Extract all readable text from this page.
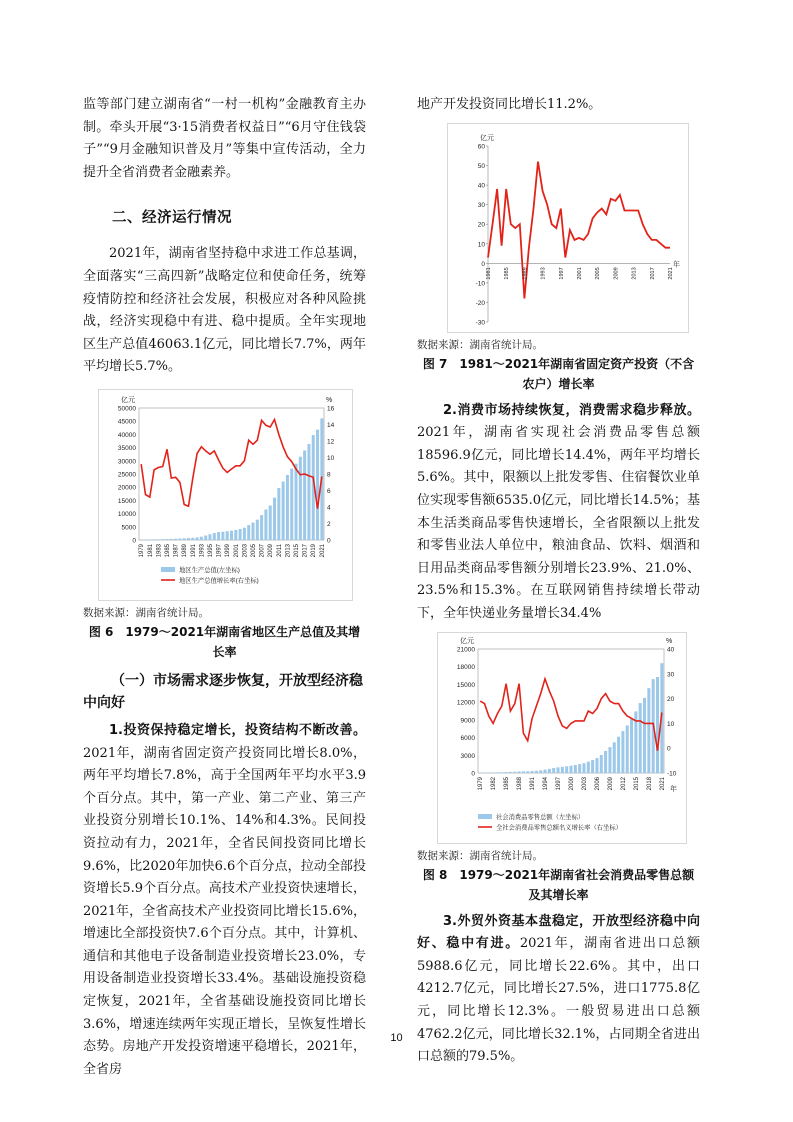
监等部门建立湖南省“一村一机构”金融教育主办制。牵头开展“3·15消费者权益日”“6月守住钱袋子”“9月金融知识普及月”等集中宣传活动，全力提升全省消费者金融素养。

二、经济运行情况

2021年，湖南省坚持稳中求进工作总基调，全面落实“三高四新”战略定位和使命任务，统筹疫情防控和经济社会发展，积极应对各种风险挑战，经济实现稳中有进、稳中提质。全年实现地区生产总值46063.1亿元，同比增长7.7%，两年平均增长5.7%。

0
5000
10000
15000
20000
25000
30000
35000
40000
45000
50000
0
2
4
6
8
10
12
14
16
亿元	%
1979 1981 1983 1985 1987 1989 1991 1993 1995 1997 1999 2001 2003 2005 2007 2009 2011 2013 2015 2017 2019 2021
地区生产总值(左坐标)
地区生产总值增长率(右坐标)
数据来源：湖南省统计局。
图 6　1979～2021年湖南省地区生产总值及其增长率
（一）市场需求逐步恢复，开放型经济稳中向好

1.投资保持稳定增长，投资结构不断改善。2021年，湖南省固定资产投资同比增长8.0%，两年平均增长7.8%，高于全国两年平均水平3.9个百分点。其中，第一产业、第二产业、第三产业投资分别增长10.1%、14%和4.3%。民间投资拉动有力，2021年，全省民间投资同比增长9.6%，比2020年加快6.6个百分点，拉动全部投资增长5.9个百分点。高技术产业投资快速增长，2021年，全省高技术产业投资同比增长15.6%，增速比全部投资快7.6个百分点。其中，计算机、通信和其他电子设备制造业投资增长23.0%，专用设备制造业投资增长33.4%。基础设施投资稳定恢复，2021年，全省基础设施投资同比增长3.6%，增速连续两年实现正增长，呈恢复性增长态势。房地产开发投资增速平稳增长，2021年，全省房

地产开发投资同比增长11.2%。

-30
-20
-10
0
10
20
30
40
50
60
亿元
1981 1985 1989 1993 1997 2001 2005 2009 2013 2017 2021
年
数据来源：湖南省统计局。
图 7　1981～2021年湖南省固定资产投资（不含农户）增长率

2.消费市场持续恢复，消费需求稳步释放。2021年，湖南省实现社会消费品零售总额18596.9亿元，同比增长14.4%，两年平均增长5.6%。其中，限额以上批发零售、住宿餐饮业单位实现零售额6535.0亿元，同比增长14.5%；基本生活类商品零售快速增长，全省限额以上批发和零售业法人单位中，粮油食品、饮料、烟酒和日用品类商品零售额分别增长23.9%、21.0%、23.5%和15.3%。在互联网销售持续增长带动下，全年快递业务量增长34.4%

0
3000
6000
9000
12000
15000
18000
21000
-10
0
10
20
30
40
亿元	%
1979 1982 1985 1988 1991 1994 1997 2000 2003 2006 2009 2012 2015 2018 2021 年
社会消费品零售总额（左坐标）
全社会消费品零售总额名义增长率（右坐标）
数据来源：湖南省统计局。
图 8　1979～2021年湖南省社会消费品零售总额及其增长率

3.外贸外资基本盘稳定，开放型经济稳中向好、稳中有进。2021年，湖南省进出口总额5988.6亿元，同比增长22.6%。其中，出口4212.7亿元，同比增长27.5%，进口1775.8亿元，同比增长12.3%。一般贸易进出口总额4762.2亿元，同比增长32.1%，占同期全省进出口总额的79.5%。

10
